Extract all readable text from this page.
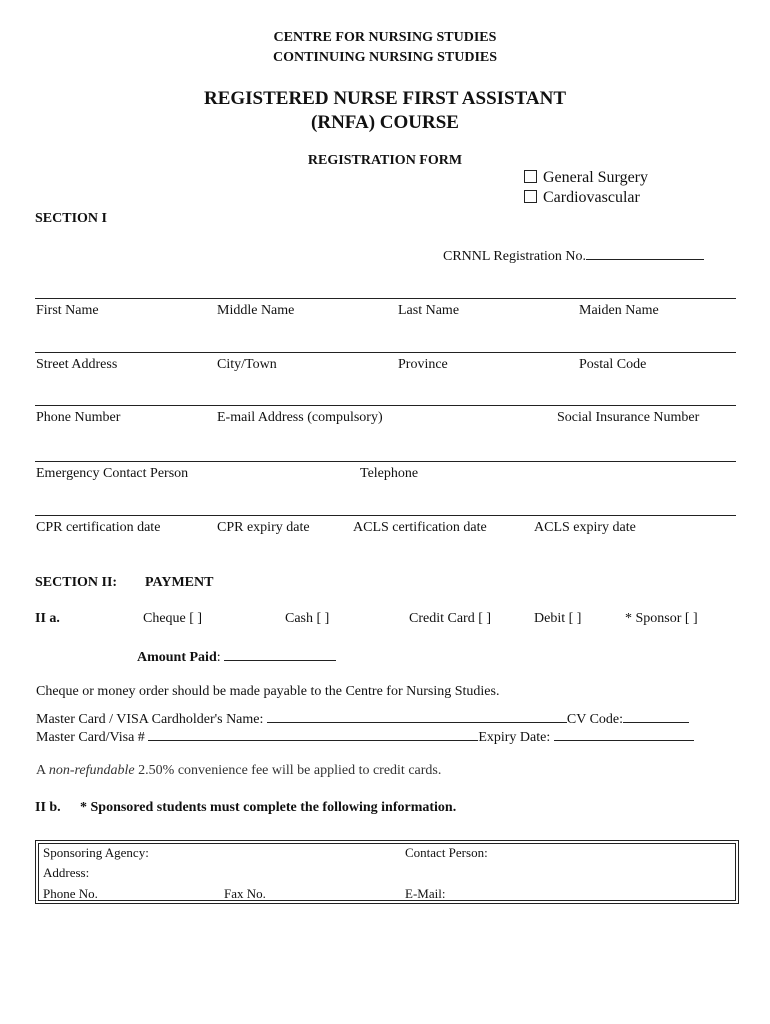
CENTRE FOR NURSING STUDIES
CONTINUING NURSING STUDIES
REGISTERED NURSE FIRST ASSISTANT
(RNFA) COURSE
REGISTRATION FORM
General Surgery
Cardiovascular
SECTION I
CRNNL Registration No.
First Name	Middle Name	Last Name	Maiden Name
Street Address	City/Town	Province	Postal Code
Phone Number	E-mail Address (compulsory)	Social Insurance Number
Emergency Contact Person	Telephone
CPR certification date	CPR expiry date	ACLS certification date	ACLS expiry date
SECTION II: PAYMENT
II a.	Cheque [ ]	Cash [ ]	Credit Card [ ]	Debit [ ]	* Sponsor [ ]
Amount Paid:
Cheque or money order should be made payable to the Centre for Nursing Studies.
Master Card / VISA Cardholder's Name:	CV Code:
Master Card/Visa #	Expiry Date:
A non-refundable 2.50% convenience fee will be applied to credit cards.
II b. * Sponsored students must complete the following information.
Sponsoring Agency:	Contact Person:
Address:
Phone No.	Fax No.	E-Mail:
